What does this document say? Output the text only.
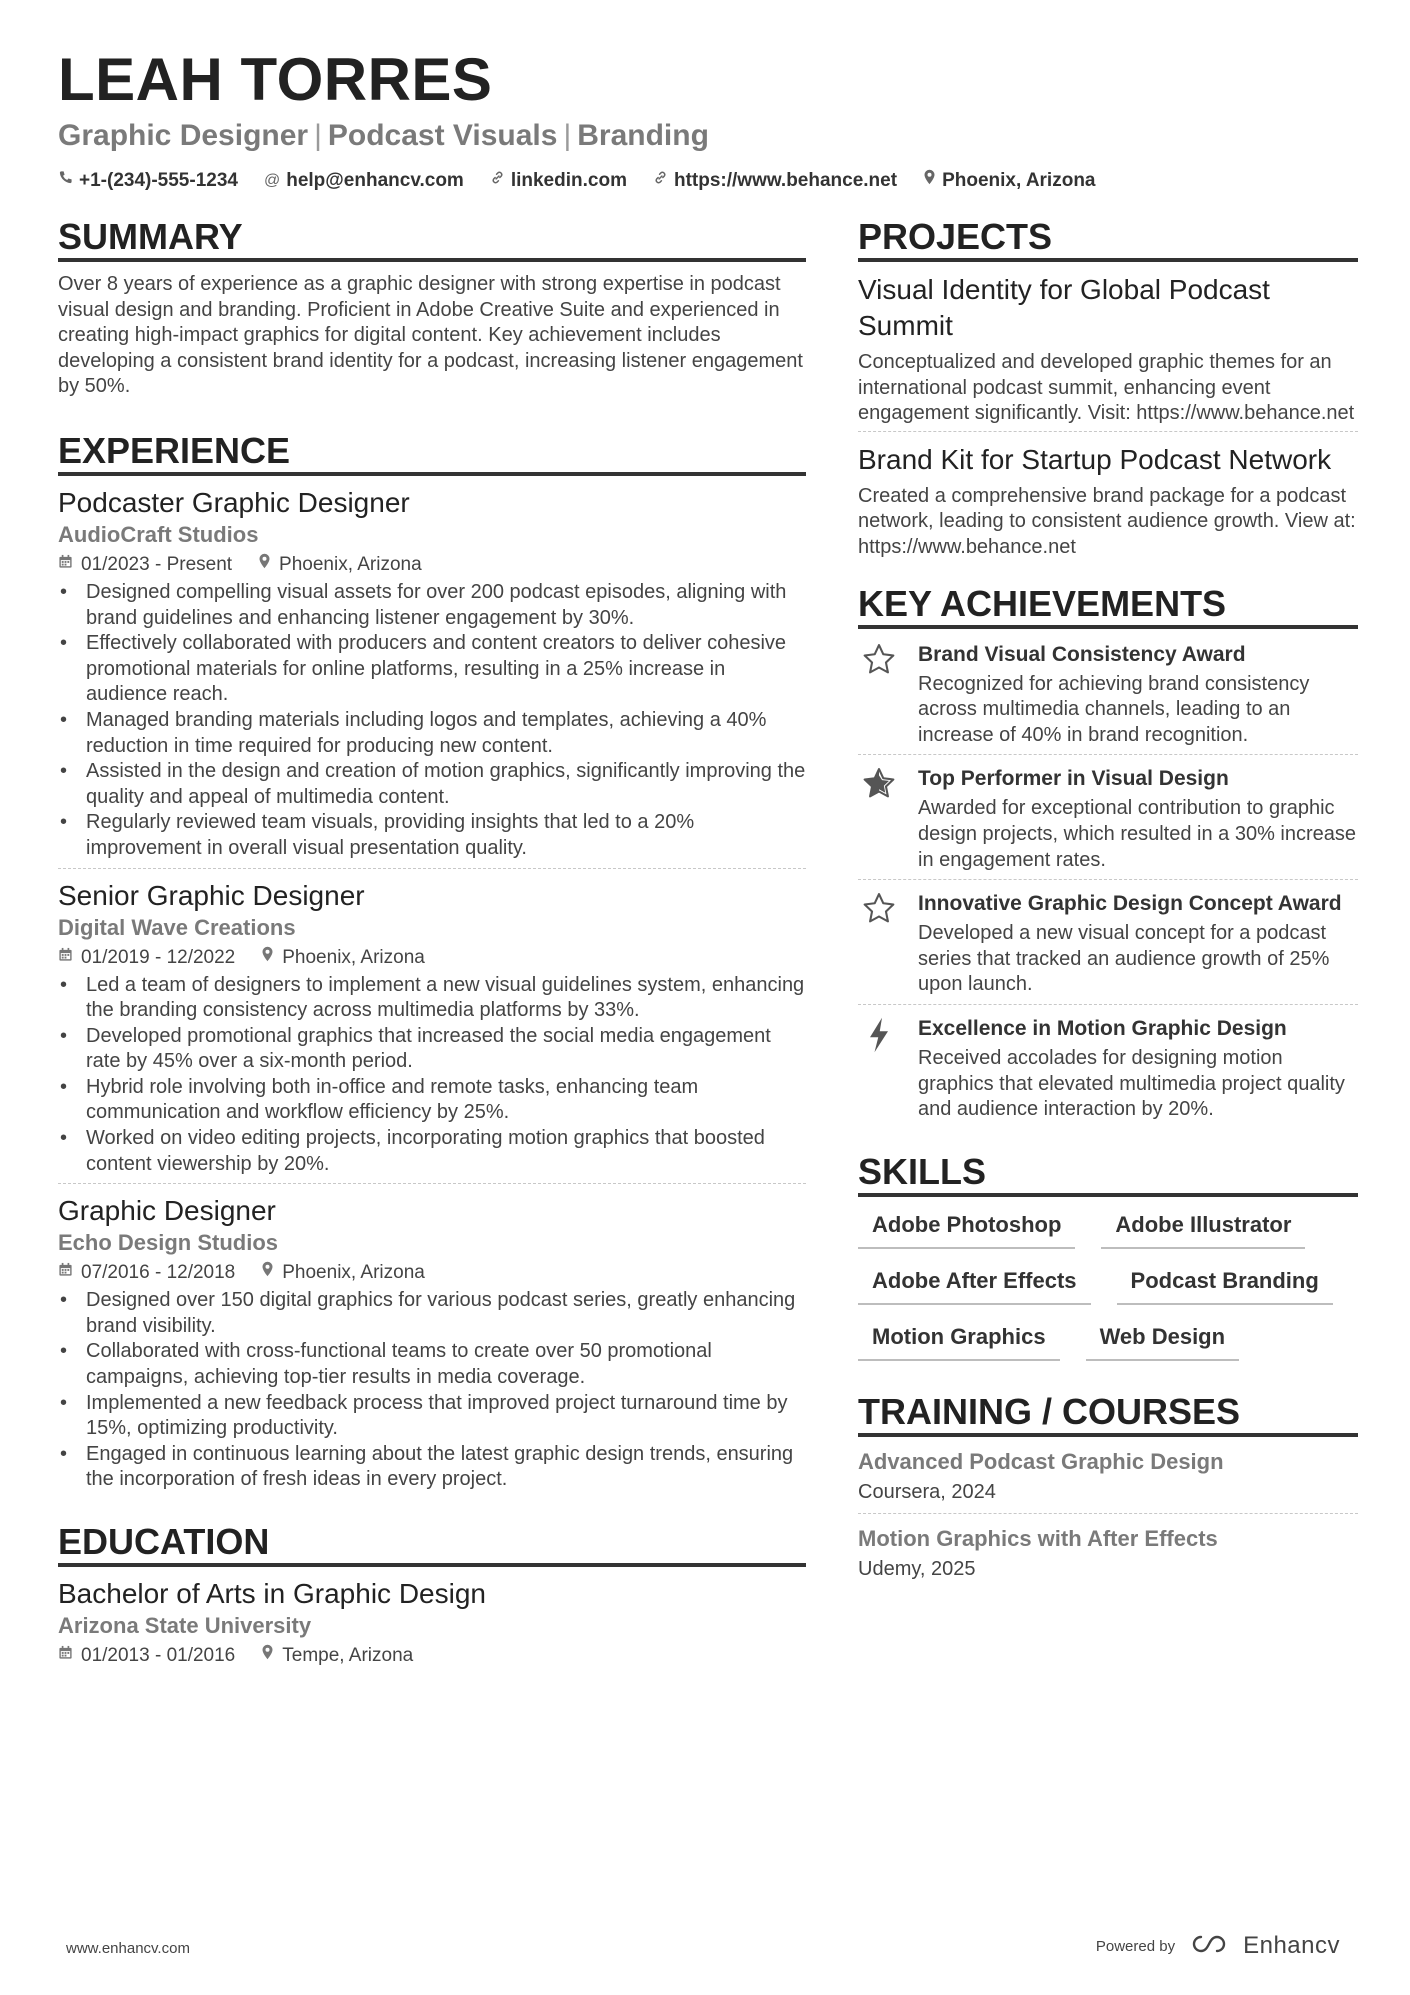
LEAH TORRES
Graphic Designer | Podcast Visuals | Branding
+1-(234)-555-1234 @ help@enhancv.com linkedin.com https://www.behance.net Phoenix, Arizona
SUMMARY

Over 8 years of experience as a graphic designer with strong expertise in podcast visual design and branding. Proficient in Adobe Creative Suite and experienced in creating high-impact graphics for digital content. Key achievement includes developing a consistent brand identity for a podcast, increasing listener engagement by 50%.

EXPERIENCE
Podcaster Graphic Designer
AudioCraft Studios
01/2023 - Present Phoenix, Arizona
• Designed compelling visual assets for over 200 podcast episodes, aligning with brand guidelines and enhancing listener engagement by 30%.
• Effectively collaborated with producers and content creators to deliver cohesive promotional materials for online platforms, resulting in a 25% increase in audience reach.
• Managed branding materials including logos and templates, achieving a 40% reduction in time required for producing new content.
• Assisted in the design and creation of motion graphics, significantly improving the quality and appeal of multimedia content.
• Regularly reviewed team visuals, providing insights that led to a 20% improvement in overall visual presentation quality.
Senior Graphic Designer
Digital Wave Creations
01/2019 - 12/2022 Phoenix, Arizona
• Led a team of designers to implement a new visual guidelines system, enhancing the branding consistency across multimedia platforms by 33%.
• Developed promotional graphics that increased the social media engagement rate by 45% over a six-month period.
• Hybrid role involving both in-office and remote tasks, enhancing team communication and workflow efficiency by 25%.
• Worked on video editing projects, incorporating motion graphics that boosted content viewership by 20%.
Graphic Designer
Echo Design Studios
07/2016 - 12/2018 Phoenix, Arizona
• Designed over 150 digital graphics for various podcast series, greatly enhancing brand visibility.
• Collaborated with cross-functional teams to create over 50 promotional campaigns, achieving top-tier results in media coverage.
• Implemented a new feedback process that improved project turnaround time by 15%, optimizing productivity.
• Engaged in continuous learning about the latest graphic design trends, ensuring the incorporation of fresh ideas in every project.
EDUCATION
Bachelor of Arts in Graphic Design
Arizona State University
01/2013 - 01/2016 Tempe, Arizona
PROJECTS
Visual Identity for Global Podcast Summit

Conceptualized and developed graphic themes for an international podcast summit, enhancing event engagement significantly. Visit: https://www.behance.net

Brand Kit for Startup Podcast Network

Created a comprehensive brand package for a podcast network, leading to consistent audience growth. View at: https://www.behance.net

KEY ACHIEVEMENTS
Brand Visual Consistency Award

Recognized for achieving brand consistency across multimedia channels, leading to an increase of 40% in brand recognition.

Top Performer in Visual Design

Awarded for exceptional contribution to graphic design projects, which resulted in a 30% increase in engagement rates.

Innovative Graphic Design Concept Award

Developed a new visual concept for a podcast series that tracked an audience growth of 25% upon launch.

Excellence in Motion Graphic Design

Received accolades for designing motion graphics that elevated multimedia project quality and audience interaction by 20%.

SKILLS
Adobe Photoshop	Adobe Illustrator
Adobe After Effects	Podcast Branding
Motion Graphics	Web Design
TRAINING / COURSES
Advanced Podcast Graphic Design
Coursera, 2024
Motion Graphics with After Effects
Udemy, 2025
www.enhancv.com	Powered by	Enhancv
